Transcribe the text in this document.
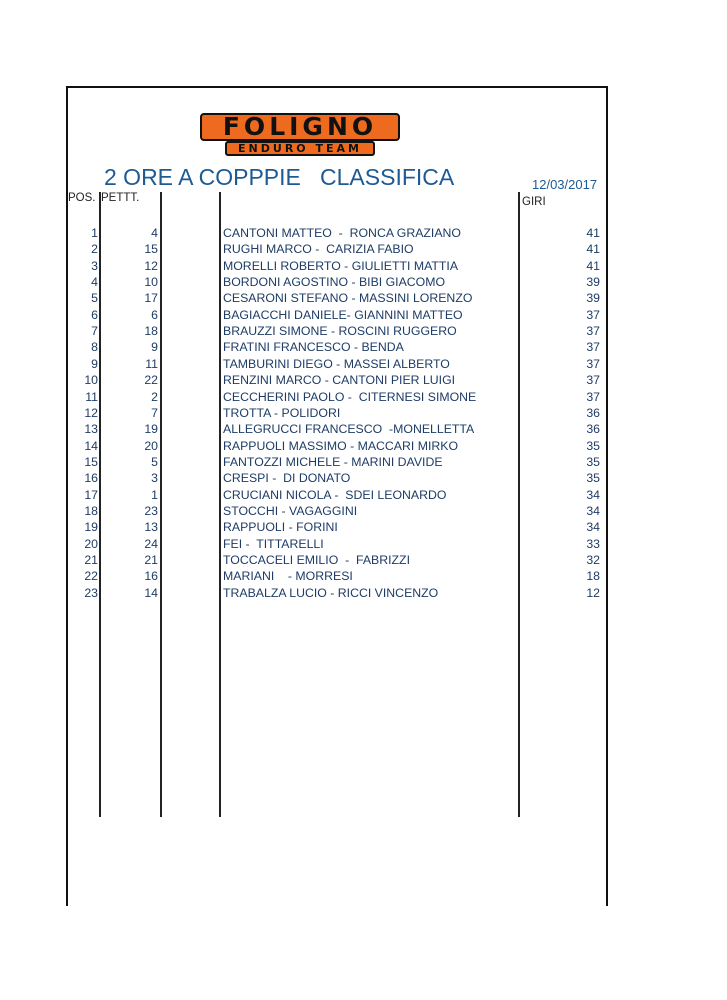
FOLIGNO
ENDURO TEAM
2 ORE A COPPPIE   CLASSIFICA	12/03/2017
POS. PETTT.	GIRI
1	4	CANTONI MATTEO  -  RONCA GRAZIANO	41
2	15	RUGHI MARCO -  CARIZIA FABIO	41
3	12	MORELLI ROBERTO - GIULIETTI MATTIA	41
4	10	BORDONI AGOSTINO - BIBI GIACOMO	39
5	17	CESARONI STEFANO - MASSINI LORENZO	39
6	6	BAGIACCHI DANIELE- GIANNINI MATTEO	37
7	18	BRAUZZI SIMONE - ROSCINI RUGGERO	37
8	9	FRATINI FRANCESCO - BENDA	37
9	11	TAMBURINI DIEGO - MASSEI ALBERTO	37
10	22	RENZINI MARCO - CANTONI PIER LUIGI	37
11	2	CECCHERINI PAOLO -  CITERNESI SIMONE	37
12	7	TROTTA - POLIDORI	36
13	19	ALLEGRUCCI FRANCESCO  -MONELLETTA	36
14	20	RAPPUOLI MASSIMO - MACCARI MIRKO	35
15	5	FANTOZZI MICHELE - MARINI DAVIDE	35
16	3	CRESPI -  DI DONATO	35
17	1	CRUCIANI NICOLA -  SDEI LEONARDO	34
18	23	STOCCHI - VAGAGGINI	34
19	13	RAPPUOLI - FORINI	34
20	24	FEI -  TITTARELLI	33
21	21	TOCCACELI EMILIO  -  FABRIZZI	32
22	16	MARIANI    - MORRESI	18
23	14	TRABALZA LUCIO - RICCI VINCENZO	12
